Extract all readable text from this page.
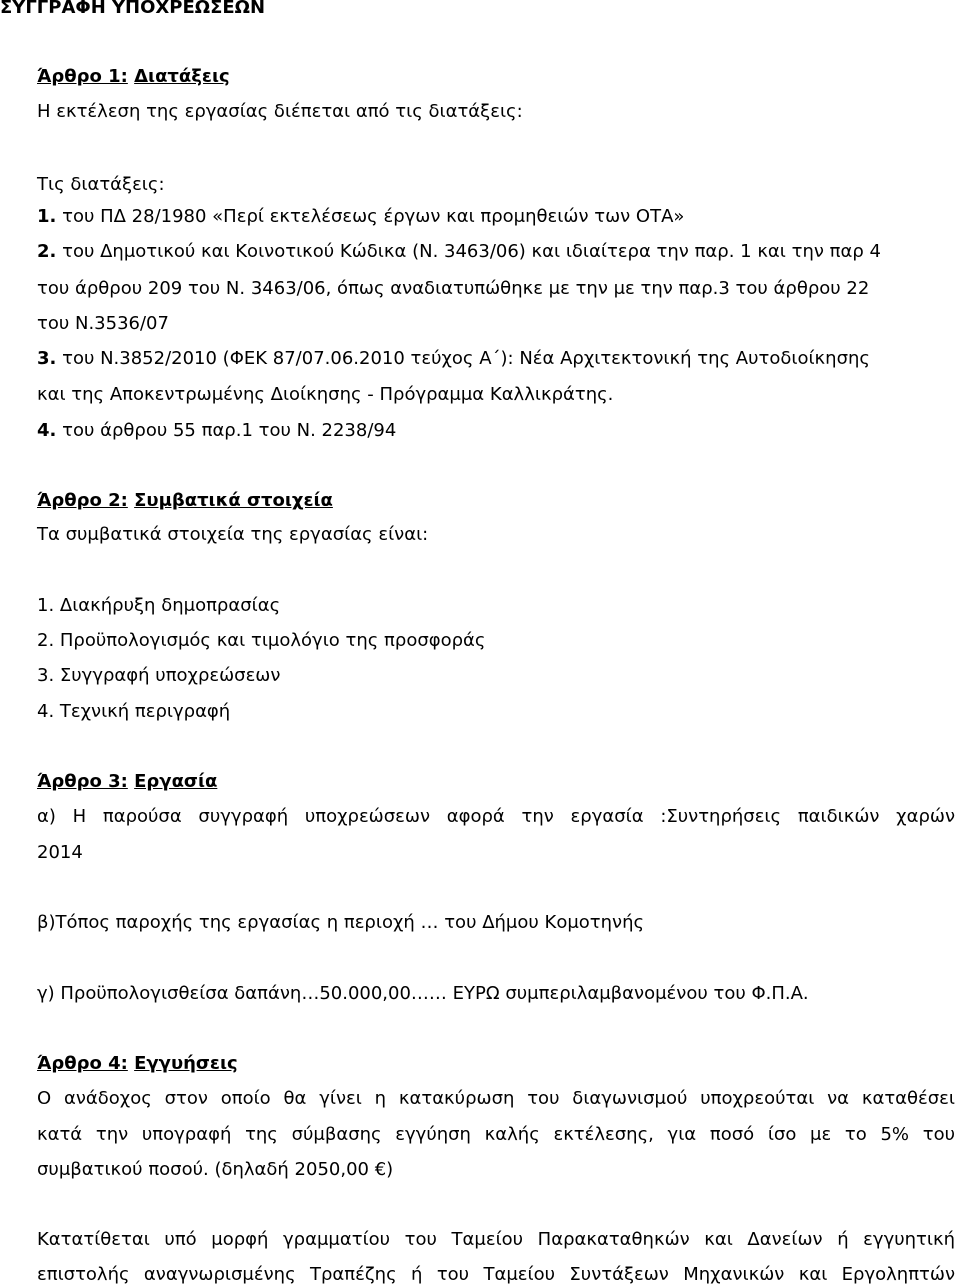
ΣΥΓΓΡΑΦΗ ΥΠΟΧΡΕΩΣΕΩΝ
Άρθρο 1: Διατάξεις
Η εκτέλεση της εργασίας διέπεται από τις διατάξεις:
Τις διατάξεις:
1. του ΠΔ 28/1980 «Περί εκτελέσεως έργων και προμηθειών των ΟΤΑ»
2. του Δημοτικού και Κοινοτικού Κώδικα (Ν. 3463/06) και ιδιαίτερα την παρ. 1 και την παρ 4
του άρθρου 209 του Ν. 3463/06, όπως αναδιατυπώθηκε με την με την παρ.3 του άρθρου 22
του Ν.3536/07
3. του Ν.3852/2010 (ΦΕΚ 87/07.06.2010 τεύχος Α΄): Νέα Αρχιτεκτονική της Αυτοδιοίκησης
και της Αποκεντρωμένης Διοίκησης - Πρόγραμμα Καλλικράτης.
4. του άρθρου 55 παρ.1 του Ν. 2238/94
Άρθρο 2: Συμβατικά στοιχεία
Τα συμβατικά στοιχεία της εργασίας είναι:
1. Διακήρυξη δημοπρασίας
2. Προϋπολογισμός και τιμολόγιο της προσφοράς
3. Συγγραφή υποχρεώσεων
4. Τεχνική περιγραφή
Άρθρο 3: Εργασία
α) Η παρούσα συγγραφή υποχρεώσεων αφορά την εργασία :Συντηρήσεις παιδικών χαρών
2014
β)Τόπος παροχής της εργασίας η περιοχή … του Δήμου Κομοτηνής
γ) Προϋπολογισθείσα δαπάνη…50.000,00…… ΕΥΡΩ συμπεριλαμβανομένου του Φ.Π.Α.
Άρθρο 4: Εγγυήσεις
Ο ανάδοχος στον οποίο θα γίνει η κατακύρωση του διαγωνισμού υποχρεούται να καταθέσει
κατά την υπογραφή της σύμβασης εγγύηση καλής εκτέλεσης, για ποσό ίσο με το 5% του
συμβατικού ποσού. (δηλαδή 2050,00 €)
Κατατίθεται υπό μορφή γραμματίου του Ταμείου Παρακαταθηκών και Δανείων ή εγγυητική
επιστολής αναγνωρισμένης Τραπέζης ή του Ταμείου Συντάξεων Μηχανικών και Εργοληπτών
